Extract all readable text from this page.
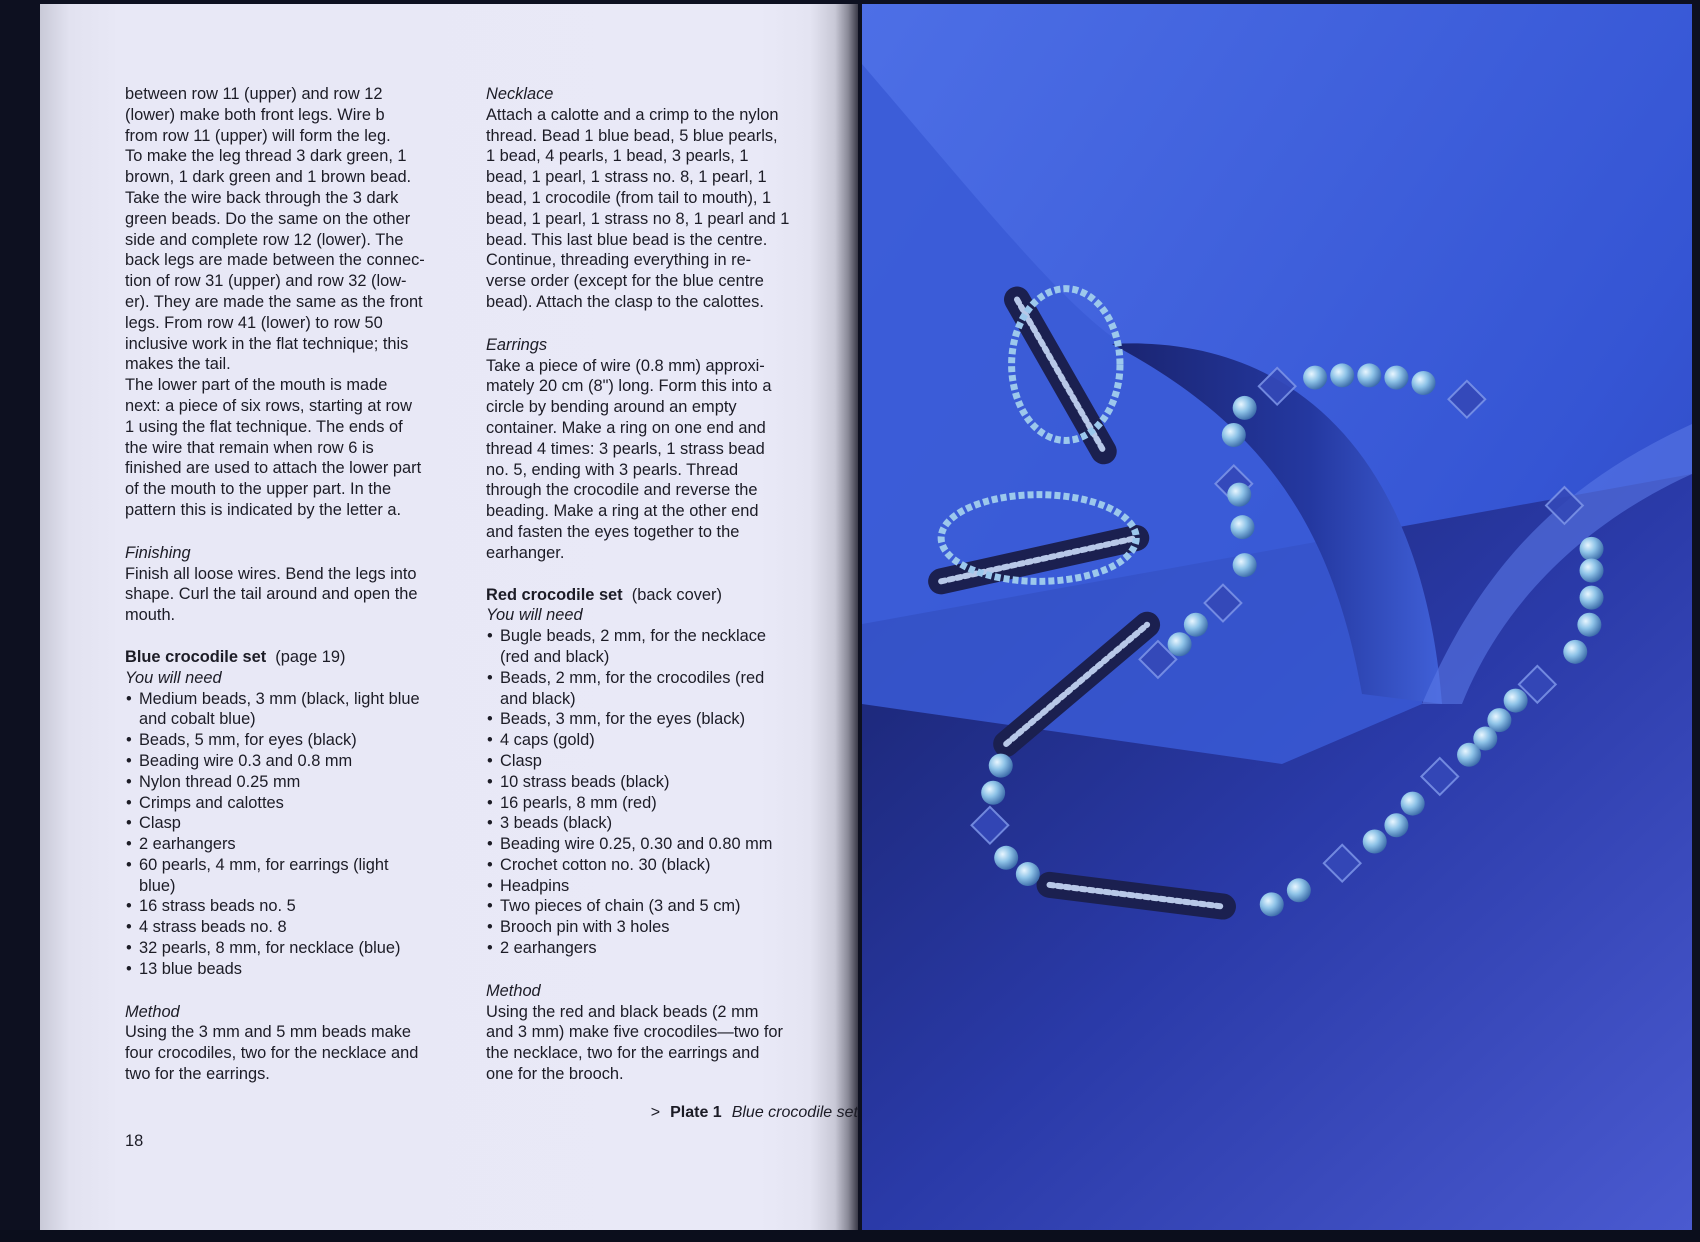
between row 11 (upper) and row 12
(lower) make both front legs. Wire b
from row 11 (upper) will form the leg.
To make the leg thread 3 dark green, 1
brown, 1 dark green and 1 brown bead.
Take the wire back through the 3 dark
green beads. Do the same on the other
side and complete row 12 (lower). The
back legs are made between the connec-
tion of row 31 (upper) and row 32 (low-
er). They are made the same as the front
legs. From row 41 (lower) to row 50
inclusive work in the flat technique; this
makes the tail.
The lower part of the mouth is made
next: a piece of six rows, starting at row
1 using the flat technique. The ends of
the wire that remain when row 6 is
finished are used to attach the lower part
of the mouth to the upper part. In the
pattern this is indicated by the letter a.
Finishing
Finish all loose wires. Bend the legs into
shape. Curl the tail around and open the
mouth.
Blue crocodile set (page 19)
You will need
• Medium beads, 3 mm (black, light blue
and cobalt blue)
• Beads, 5 mm, for eyes (black)
• Beading wire 0.3 and 0.8 mm
• Nylon thread 0.25 mm
• Crimps and calottes
• Clasp
• 2 earhangers
• 60 pearls, 4 mm, for earrings (light
blue)
• 16 strass beads no. 5
• 4 strass beads no. 8
• 32 pearls, 8 mm, for necklace (blue)
• 13 blue beads
Method
Using the 3 mm and 5 mm beads make
four crocodiles, two for the necklace and
two for the earrings.
Necklace
Attach a calotte and a crimp to the nylon
thread. Bead 1 blue bead, 5 blue pearls,
1 bead, 4 pearls, 1 bead, 3 pearls, 1
bead, 1 pearl, 1 strass no. 8, 1 pearl, 1
bead, 1 crocodile (from tail to mouth), 1
bead, 1 pearl, 1 strass no 8, 1 pearl and 1
bead. This last blue bead is the centre.
Continue, threading everything in re-
verse order (except for the blue centre
bead). Attach the clasp to the calottes.
Earrings
Take a piece of wire (0.8 mm) approxi-
mately 20 cm (8") long. Form this into a
circle by bending around an empty
container. Make a ring on one end and
thread 4 times: 3 pearls, 1 strass bead
no. 5, ending with 3 pearls. Thread
through the crocodile and reverse the
beading. Make a ring at the other end
and fasten the eyes together to the
earhanger.
Red crocodile set (back cover)
You will need
• Bugle beads, 2 mm, for the necklace
(red and black)
• Beads, 2 mm, for the crocodiles (red
and black)
• Beads, 3 mm, for the eyes (black)
• 4 caps (gold)
• Clasp
• 10 strass beads (black)
• 16 pearls, 8 mm (red)
• 3 beads (black)
• Beading wire 0.25, 0.30 and 0.80 mm
• Crochet cotton no. 30 (black)
• Headpins
• Two pieces of chain (3 and 5 cm)
• Brooch pin with 3 holes
• 2 earhangers
Method
Using the red and black beads (2 mm
and 3 mm) make five crocodiles—two for
the necklace, two for the earrings and
one for the brooch.
> Plate 1 Blue crocodile set
18
